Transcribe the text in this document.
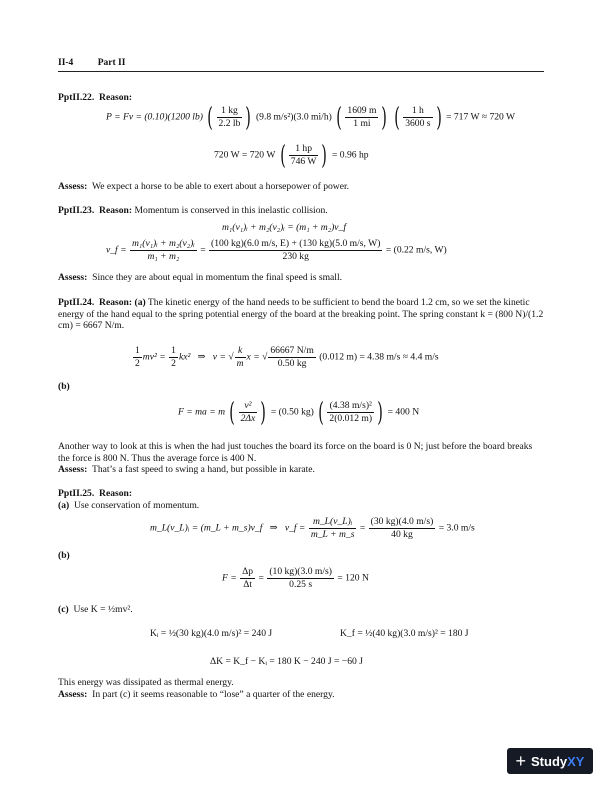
II-4	Part II
PptII.22. Reason:
P = Fv = (0.10)(1200 lb) ( $\frac{1 kg}{2.2 lb}$ ) (9.8 m/s²)(3.0 mi/h) ( $\frac{1609 m}{1 mi}$ ) ( $\frac{1 h}{3600 s}$ ) = 717 W ≈ 720 W
720 W = 720 W ( $\frac{1 hp}{746 W}$ ) = 0.96 hp
Assess: We expect a horse to be able to exert about a horsepower of power.
PptII.23. Reason: Momentum is conserved in this inelastic collision.
m₁(v₁)ᵢ + m₂(v₂)ᵢ = (m₁ + m₂)v_f
v_f = $\frac{\text{m₁(v₁)ᵢ + m₂(v₂)ᵢ}}{\text{m₁ + m₂}} = \frac{(100 kg)(6.0 m/s, E) + (130 kg)(5.0 m/s, W)}{230 kg} = (0.22$ m/s, W)
Assess: Since they are about equal in momentum the final speed is small.
PptII.24. Reason: (a) The kinetic energy of the hand needs to be sufficient to bend the board 1.2 cm, so we set the kinetic energy of the hand equal to the spring potential energy of the board at the breaking point. The spring constant k = (800 N)/(1.2 cm) = 6667 N/m.
$\frac{1}{2} mv^2 = \frac{1}{2} kx^2$ ⇒ v = √ $\frac{k}{m}$ x = √ $\frac{66667 N/m}{0.50 kg} (0.012$ m) = 4.38 m/s ≈ 4.4 m/s
(b)
F = ma = m ( $\frac{\text{v²}}{2\Delta x}$ ) = (0.50 kg) ( $\frac{\text{(4.38 m/s)²}}{2(0.012 m)}$ ) = 400 N
Another way to look at this is when the had just touches the board its force on the board is 0 N; just before the board breaks the force is 800 N. Thus the average force is 400 N.
Assess: That’s a fast speed to swing a hand, but possible in karate.
PptII.25. Reason:
(a) Use conservation of momentum.
m_L(v_L)ᵢ = (m_L + m_s)v_f ⇒ v_f = $\frac{\text{m\_L(v\_L)ᵢ}}{m\_L + m\_s} = \frac{(30 kg)(4.0 m/s)}{40 kg} = 3.0$ m/s
(b)
$F = \frac{\Delta p}{\Delta t} = \frac{(10 kg)(3.0 m/s)}{0.25 s} = 120$ N
(c) Use K = ½mv².
Kᵢ = ½(30 kg)(4.0 m/s)² = 240 J	K_f = ½(40 kg)(3.0 m/s)² = 180 J
ΔK = K_f − Kᵢ = 180 K − 240 J = −60 J
This energy was dissipated as thermal energy.
Assess: In part (c) it seems reasonable to “lose” a quarter of the energy.
+ Study XY
